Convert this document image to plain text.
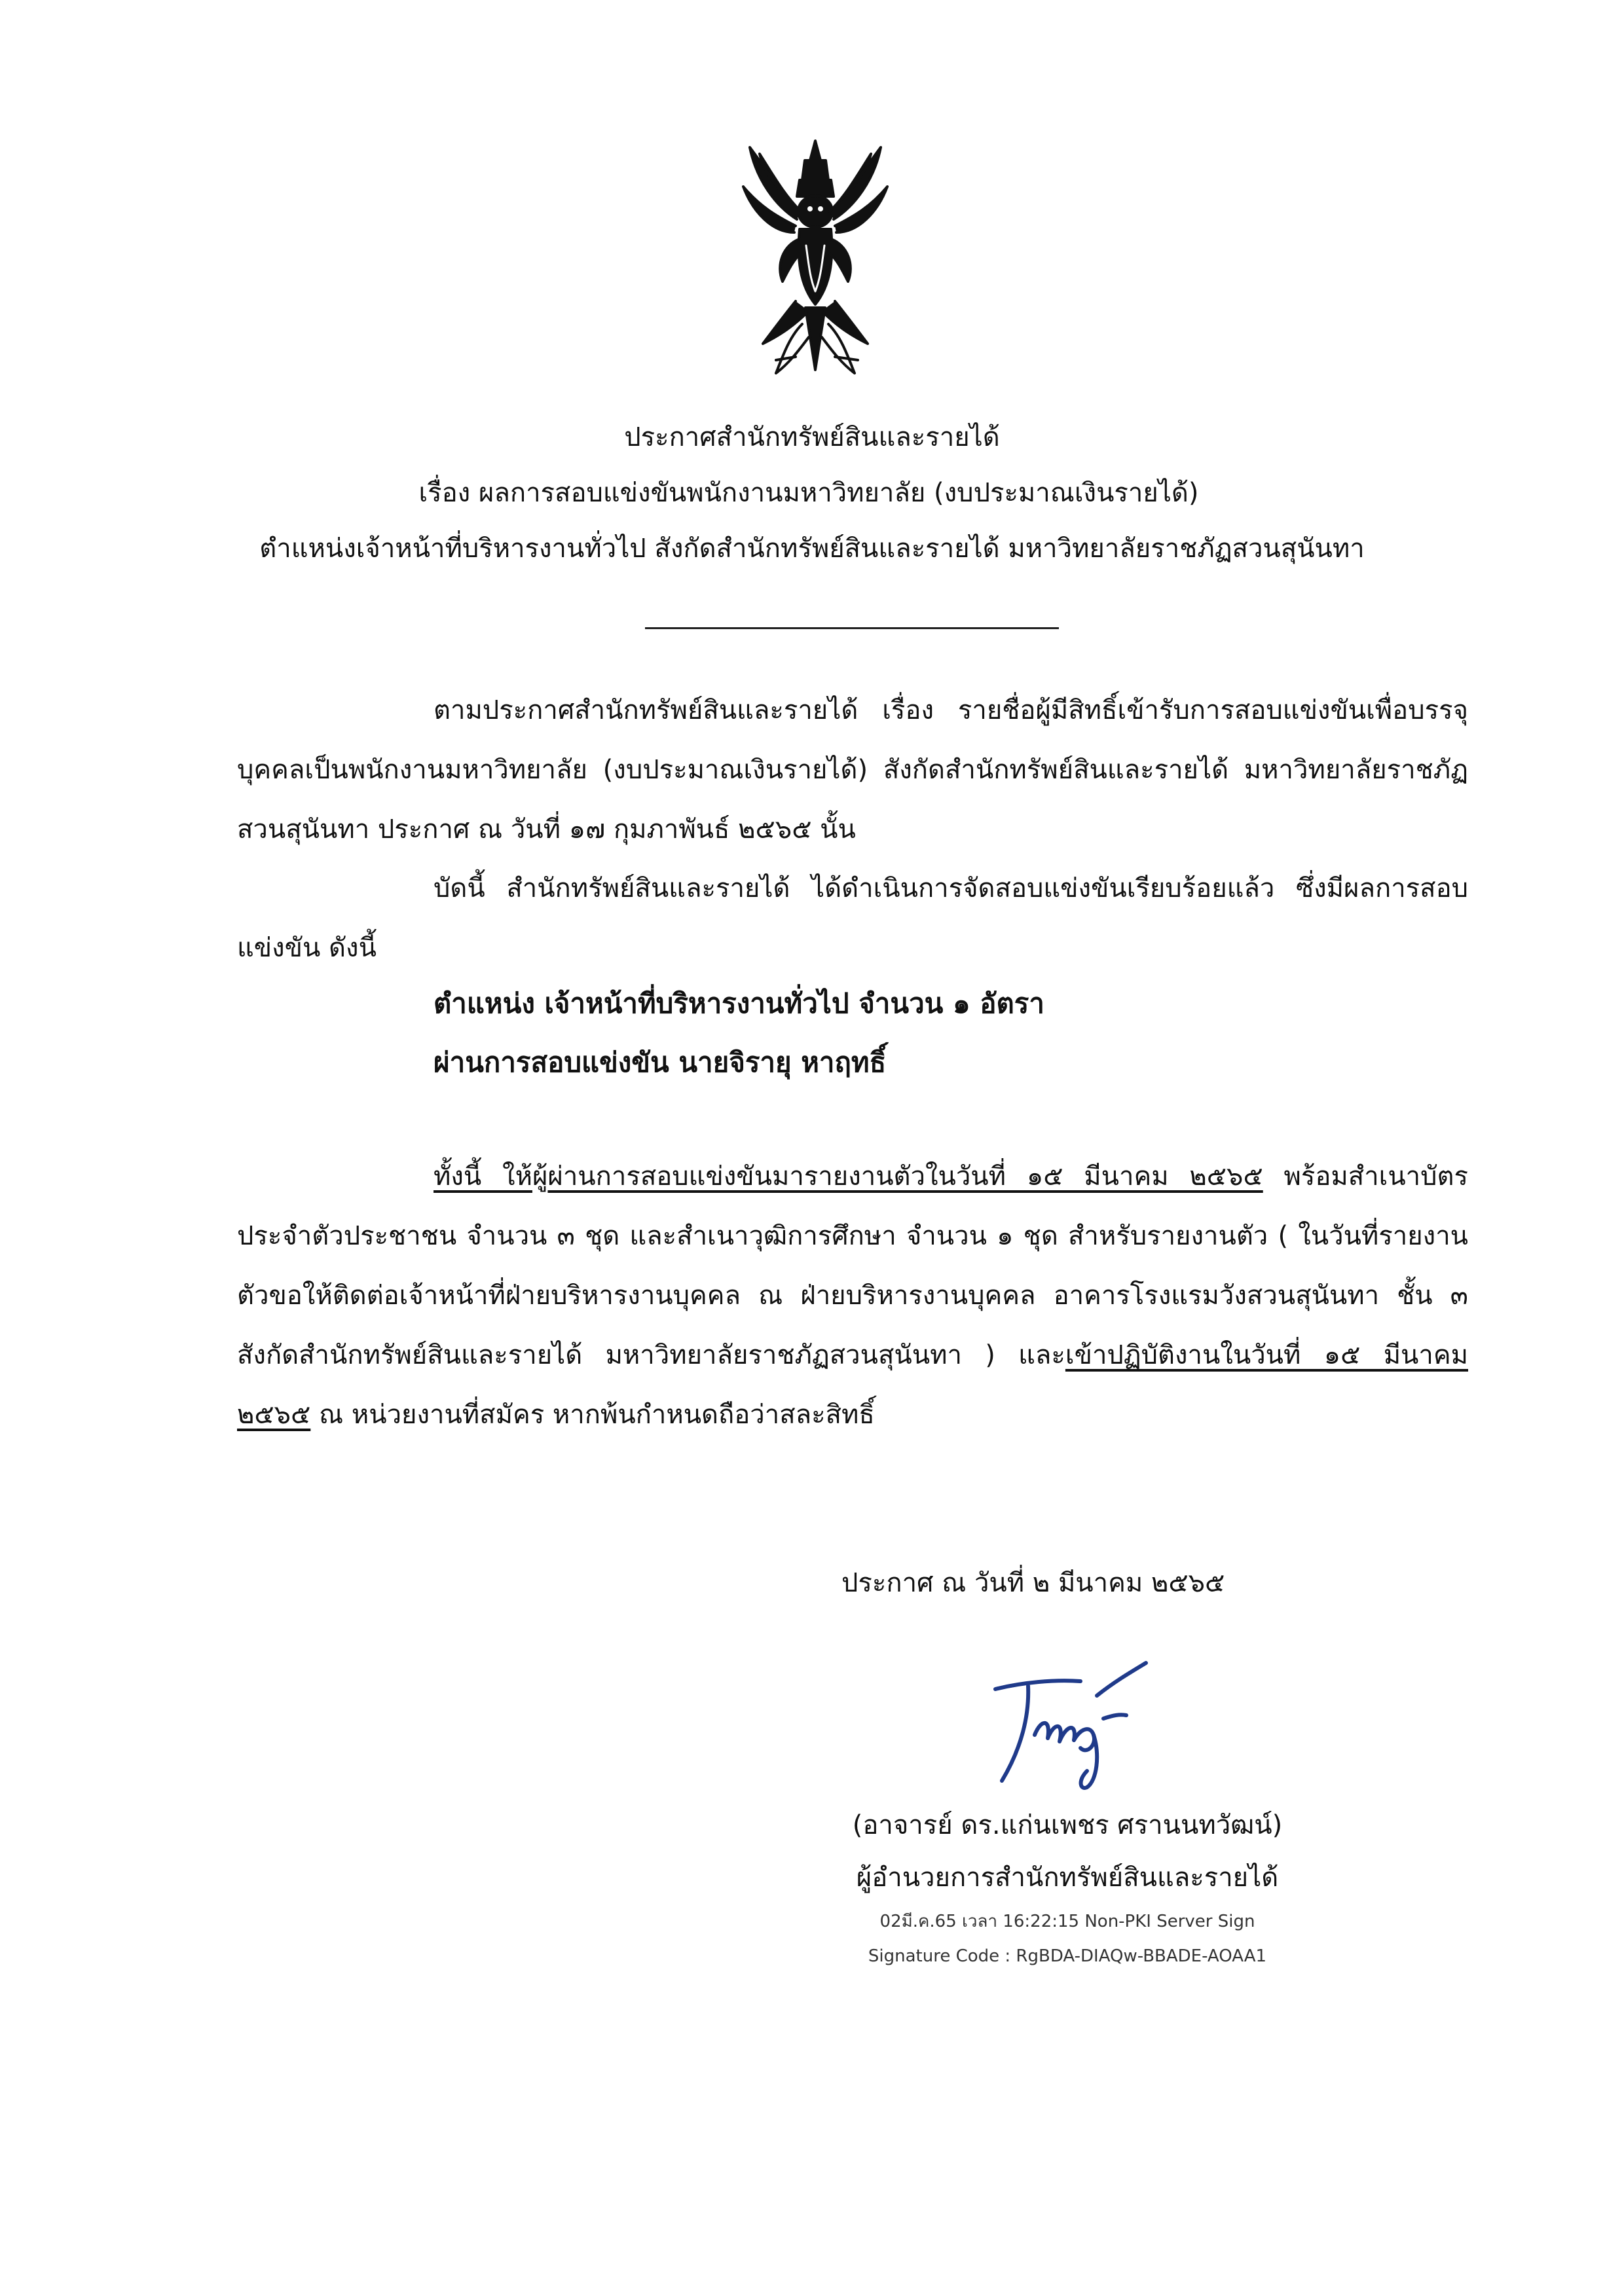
ประกาศสำนักทรัพย์สินและรายได้
เรื่อง ผลการสอบแข่งขันพนักงานมหาวิทยาลัย (งบประมาณเงินรายได้)
ตำแหน่งเจ้าหน้าที่บริหารงานทั่วไป สังกัดสำนักทรัพย์สินและรายได้ มหาวิทยาลัยราชภัฏสวนสุนันทา

ตามประกาศสำนักทรัพย์สินและรายได้ เรื่อง รายชื่อผู้มีสิทธิ์เข้ารับการสอบแข่งขันเพื่อบรรจุบุคคลเป็นพนักงานมหาวิทยาลัย (งบประมาณเงินรายได้) สังกัดสำนักทรัพย์สินและรายได้ มหาวิทยาลัยราชภัฏสวนสุนันทา ประกาศ ณ วันที่ ๑๗ กุมภาพันธ์ ๒๕๖๕ นั้น

บัดนี้ สำนักทรัพย์สินและรายได้ ได้ดำเนินการจัดสอบแข่งขันเรียบร้อยแล้ว ซึ่งมีผลการสอบแข่งขัน ดังนี้

ตำแหน่ง เจ้าหน้าที่บริหารงานทั่วไป จำนวน ๑ อัตรา
ผ่านการสอบแข่งขัน นายจิรายุ หาฤทธิ์

ทั้งนี้ ให้ผู้ผ่านการสอบแข่งขันมารายงานตัวในวันที่ ๑๕ มีนาคม ๒๕๖๕ พร้อมสำเนาบัตรประจำตัวประชาชน จำนวน ๓ ชุด และสำเนาวุฒิการศึกษา จำนวน ๑ ชุด สำหรับรายงานตัว ( ในวันที่รายงานตัวขอให้ติดต่อเจ้าหน้าที่ฝ่ายบริหารงานบุคคล ณ ฝ่ายบริหารงานบุคคล อาคารโรงแรมวังสวนสุนันทา ชั้น ๓ สังกัดสำนักทรัพย์สินและรายได้ มหาวิทยาลัยราชภัฏสวนสุนันทา ) และเข้าปฏิบัติงานในวันที่ ๑๕ มีนาคม ๒๕๖๕ ณ หน่วยงานที่สมัคร หากพ้นกำหนดถือว่าสละสิทธิ์

ประกาศ ณ วันที่ ๒ มีนาคม ๒๕๖๕
(อาจารย์ ดร.แก่นเพชร ศรานนทวัฒน์)
ผู้อำนวยการสำนักทรัพย์สินและรายได้
02มี.ค.65 เวลา 16:22:15 Non-PKI Server Sign
Signature Code : RgBDA-DIAQw-BBADE-AOAA1
